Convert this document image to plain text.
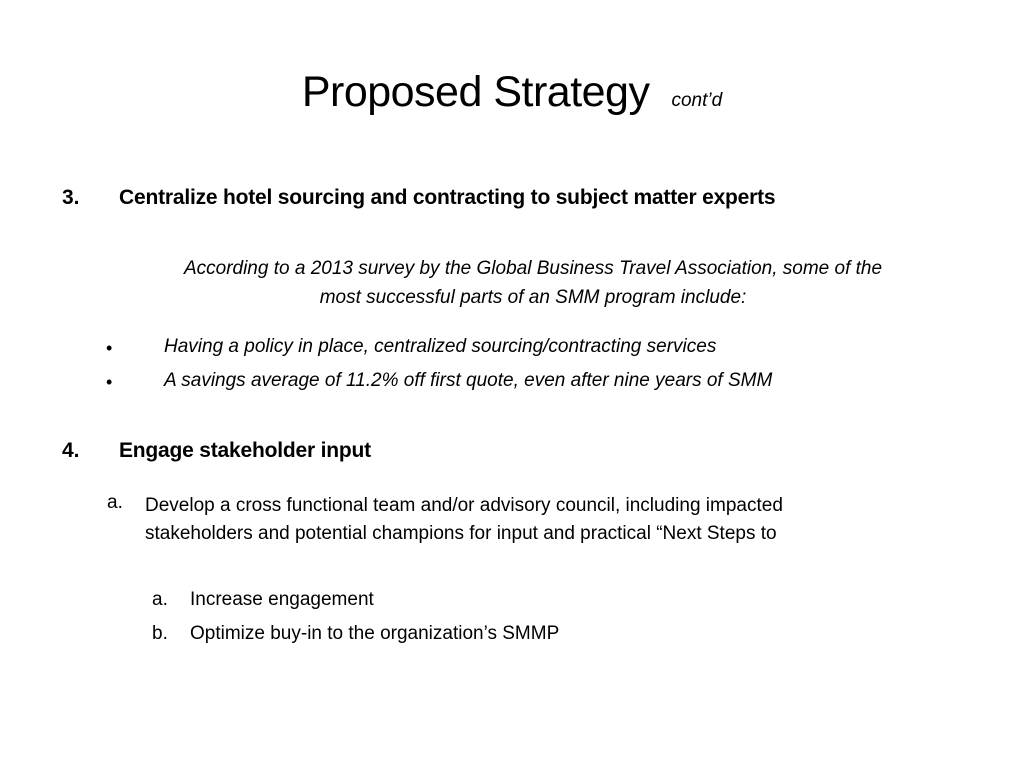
Proposed Strategy cont’d
3. Centralize hotel sourcing and contracting to subject matter experts
According to a 2013 survey by the Global Business Travel Association, some of the
most successful parts of an SMM program include:
•	Having a policy in place, centralized sourcing/contracting services
•	A savings average of 11.2% off first quote, even after nine years of SMM
4. Engage stakeholder input
a. Develop a cross functional team and/or advisory council, including impacted
stakeholders and potential champions for input and practical “Next Steps to
a. Increase engagement
b. Optimize buy-in to the organization’s SMMP
